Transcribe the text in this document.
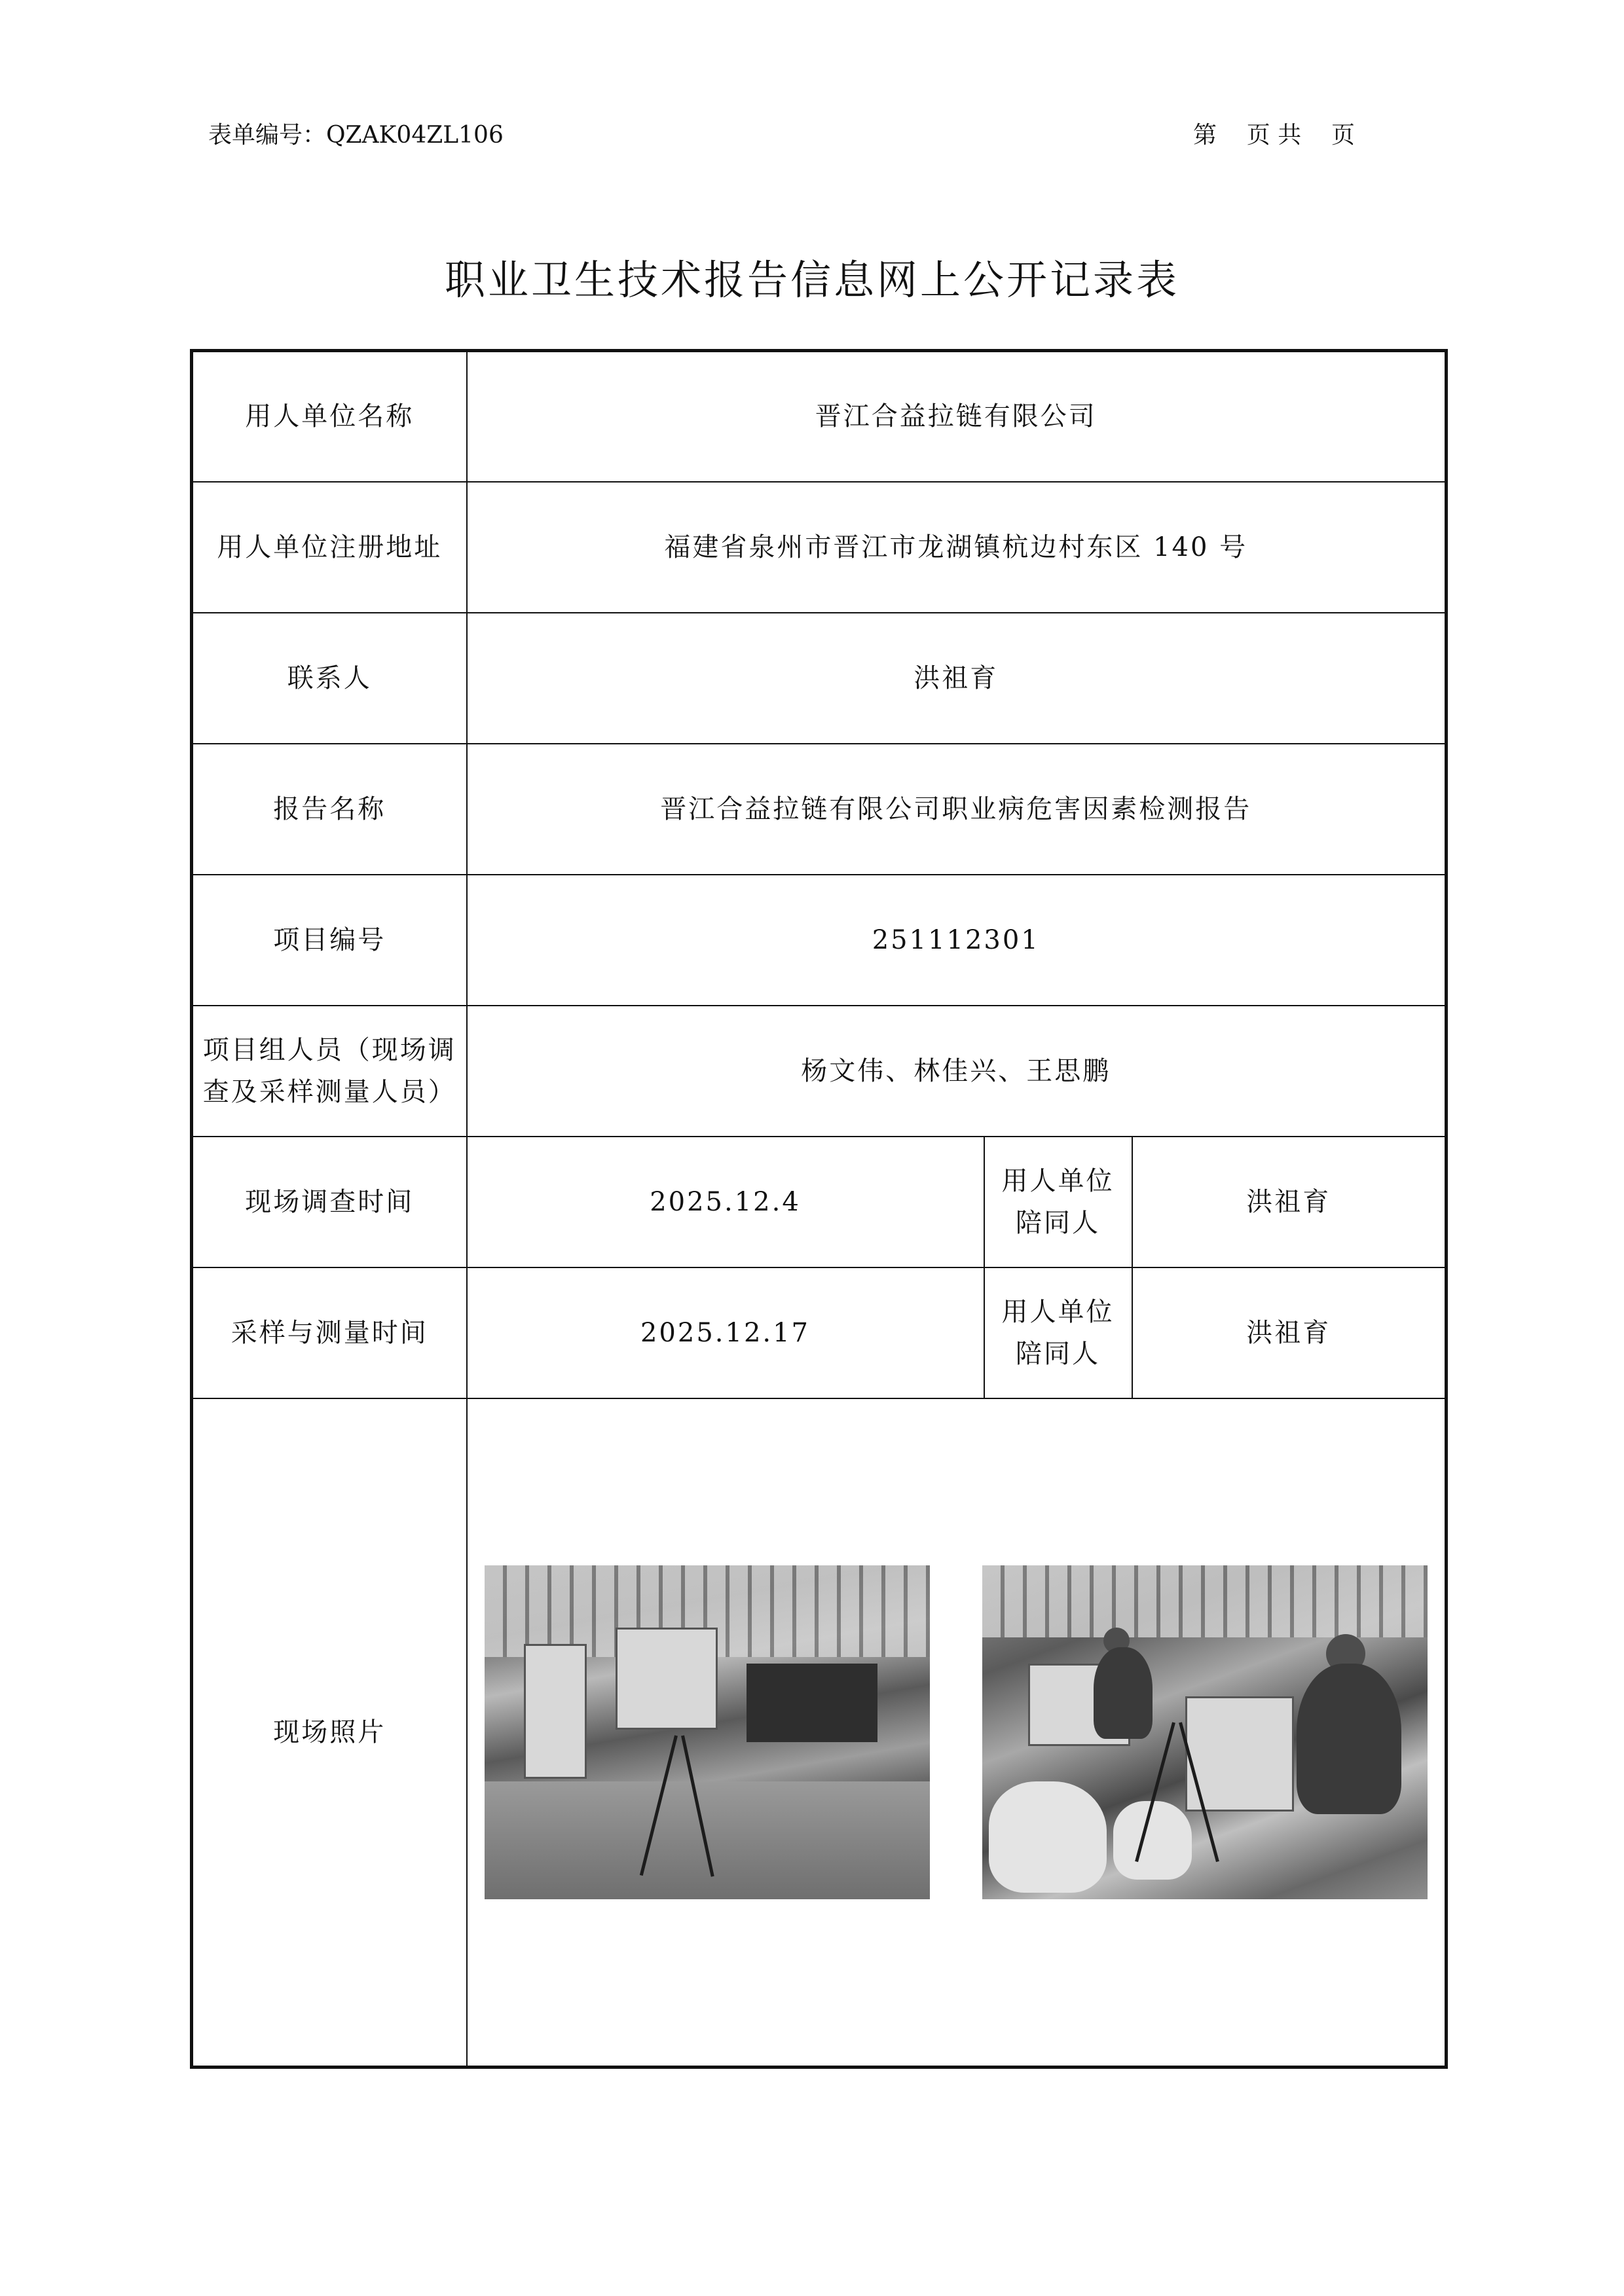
表单编号：QZAK04ZL106	第    页 共    页
职业卫生技术报告信息网上公开记录表
用人单位名称	晋江合益拉链有限公司		
用人单位注册地址	福建省泉州市晋江市龙湖镇杭边村东区 140 号		
联系人	洪祖育		
报告名称	晋江合益拉链有限公司职业病危害因素检测报告		
项目编号	251112301		
项目组人员（现场调查及采样测量人员）	杨文伟、林佳兴、王思鹏		
现场调查时间	2025.12.4	用人单位陪同人	洪祖育
采样与测量时间	2025.12.17	用人单位陪同人	洪祖育
现场照片			
